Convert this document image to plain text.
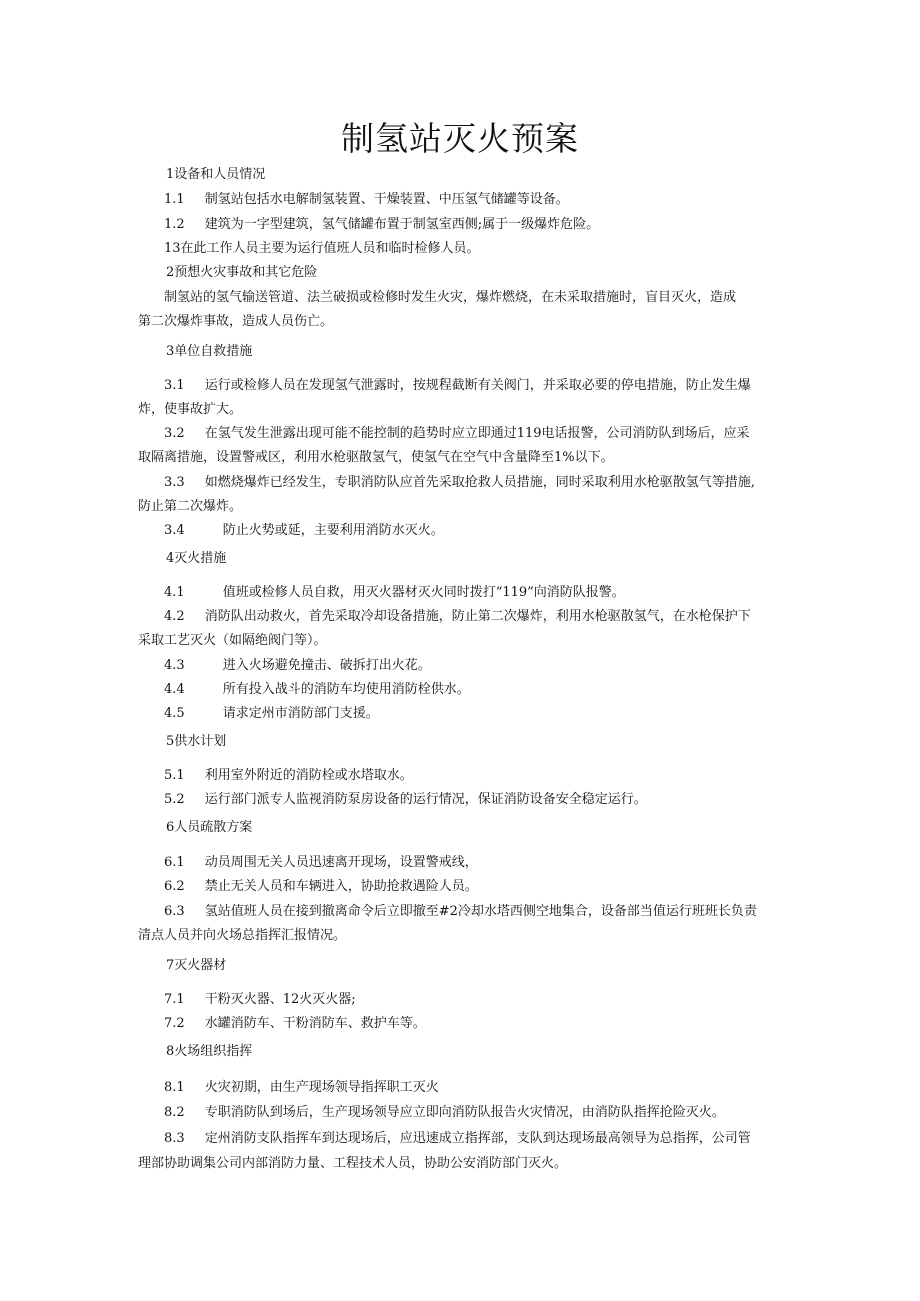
制氢站灭火预案
1设备和人员情况
1.1 制氢站包括水电解制氢装置、干燥装置、中压氢气储罐等设备。
1.2 建筑为一字型建筑，氢气储罐布置于制氢室西侧;属于一级爆炸危险。
13在此工作人员主要为运行值班人员和临时检修人员。
2预想火灾事故和其它危险
制氢站的氢气输送管道、法兰破损或检修时发生火灾，爆炸燃烧，在未采取措施时，盲目灭火，造成
第二次爆炸事故，造成人员伤亡。
3单位自救措施
3.1 运行或检修人员在发现氢气泄露时，按规程截断有关阀门，并采取必要的停电措施，防止发生爆
炸，使事故扩大。
3.2 在氢气发生泄露出现可能不能控制的趋势时应立即通过119电话报警，公司消防队到场后，应采
取隔离措施，设置警戒区，利用水枪驱散氢气，使氢气在空气中含量降至1%以下。
3.3 如燃烧爆炸已经发生，专职消防队应首先采取抢救人员措施，同时采取利用水枪驱散氢气等措施,
防止第二次爆炸。
3.4	防止火势或延，主要利用消防水灭火。
4灭火措施
4.1	值班或检修人员自救，用灭火器材灭火同时拨打“119”向消防队报警。
4.2 消防队出动救火，首先采取冷却设备措施，防止第二次爆炸，利用水枪驱散氢气，在水枪保护下
采取工艺灭火（如隔绝阀门等）。
4.3	进入火场避免撞击、破拆打出火花。
4.4	所有投入战斗的消防车均使用消防栓供水。
4.5	请求定州市消防部门支援。
5供水计划
5.1 利用室外附近的消防栓或水塔取水。
5.2 运行部门派专人监视消防泵房设备的运行情况，保证消防设备安全稳定运行。
6人员疏散方案
6.1 动员周围无关人员迅速离开现场，设置警戒线，
6.2 禁止无关人员和车辆进入，协助抢救遇险人员。
6.3 氢站值班人员在接到撤离命令后立即撤至#2冷却水塔西侧空地集合，设备部当值运行班班长负责
清点人员并向火场总指挥汇报情况。
7灭火器材
7.1 干粉灭火器、12火灭火器;
7.2 水罐消防车、干粉消防车、救护车等。
8火场组织指挥
8.1 火灾初期，由生产现场领导指挥职工灭火
8.2 专职消防队到场后，生产现场领导应立即向消防队报告火灾情况，由消防队指挥抢险灭火。
8.3 定州消防支队指挥车到达现场后，应迅速成立指挥部，支队到达现场最高领导为总指挥，公司管
理部协助调集公司内部消防力量、工程技术人员，协助公安消防部门灭火。
